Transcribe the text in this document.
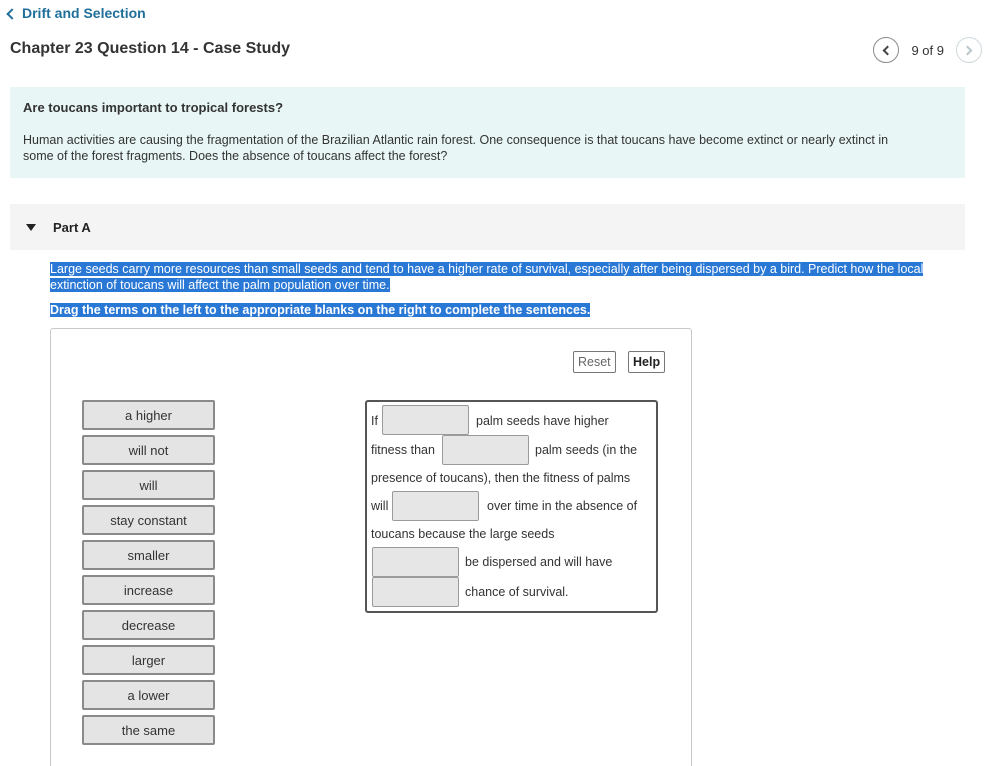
Drift and Selection
Chapter 23 Question 14 - Case Study	9 of 9
Are toucans important to tropical forests?
Human activities are causing the fragmentation of the Brazilian Atlantic rain forest. One consequence is that toucans have become extinct or nearly extinct in
some of the forest fragments. Does the absence of toucans affect the forest?
Part A
Large seeds carry more resources than small seeds and tend to have a higher rate of survival, especially after being dispersed by a bird. Predict how the local
extinction of toucans will affect the palm population over time.
Drag the terms on the left to the appropriate blanks on the right to complete the sentences.
Reset	Help
a higher
will not
will
stay constant
smaller
increase
decrease
larger
a lower
the same
If	palm seeds have higher
fitness than	palm seeds (in the
presence of toucans), then the fitness of palms
will	over time in the absence of
toucans because the large seeds
be dispersed and will have
chance of survival.
